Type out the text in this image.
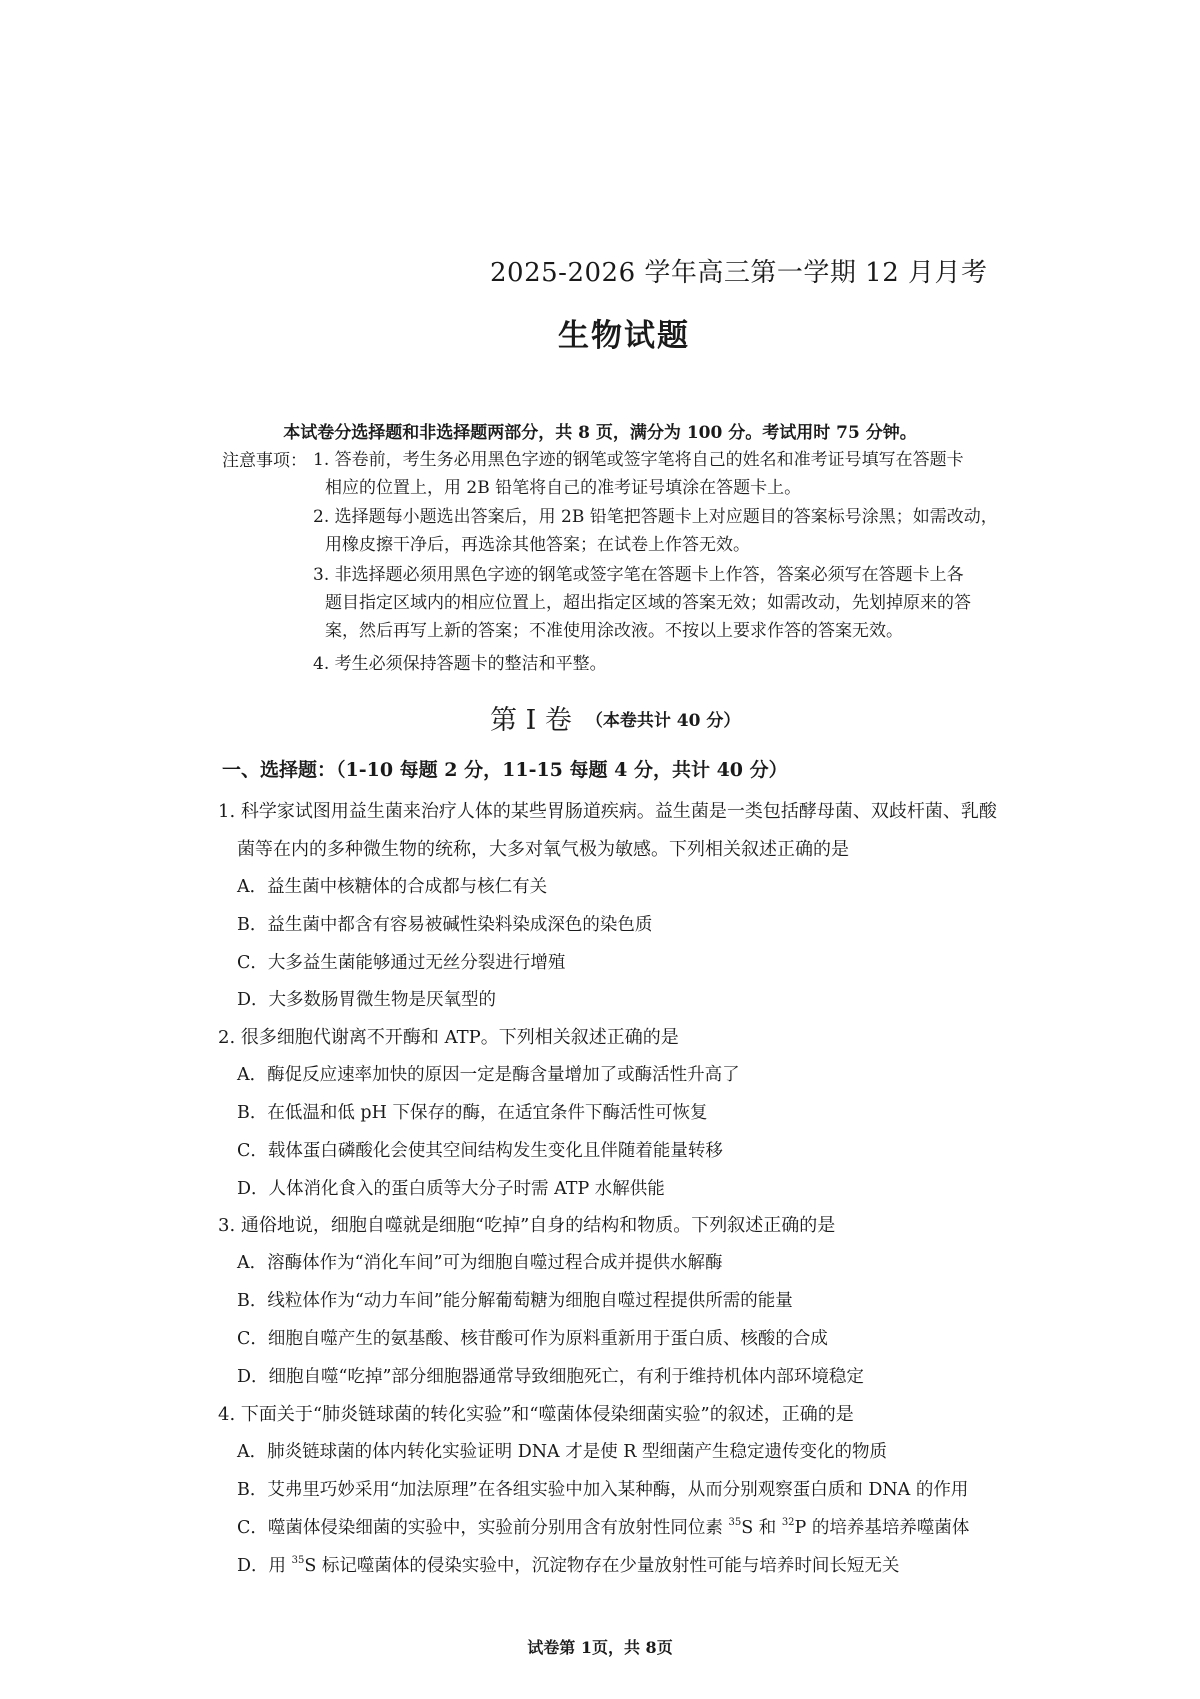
2025-2026 学年高三第一学期 12 月月考
生物试题
本试卷分选择题和非选择题两部分，共 8 页，满分为 100 分。考试用时 75 分钟。
注意事项： 1. 答卷前，考生务必用黑色字迹的钢笔或签字笔将自己的姓名和准考证号填写在答题卡
相应的位置上，用 2B 铅笔将自己的准考证号填涂在答题卡上。
2. 选择题每小题选出答案后，用 2B 铅笔把答题卡上对应题目的答案标号涂黑；如需改动，
用橡皮擦干净后，再选涂其他答案；在试卷上作答无效。
3. 非选择题必须用黑色字迹的钢笔或签字笔在答题卡上作答，答案必须写在答题卡上各
题目指定区域内的相应位置上，超出指定区域的答案无效；如需改动，先划掉原来的答
案，然后再写上新的答案；不准使用涂改液。不按以上要求作答的答案无效。
4. 考生必须保持答题卡的整洁和平整。
第 I 卷 （本卷共计 40 分）
一、选择题：（1-10 每题 2 分，11-15 每题 4 分，共计 40 分）
1. 科学家试图用益生菌来治疗人体的某些胃肠道疾病。益生菌是一类包括酵母菌、双歧杆菌、乳酸
菌等在内的多种微生物的统称，大多对氧气极为敏感。下列相关叙述正确的是
A．益生菌中核糖体的合成都与核仁有关
B．益生菌中都含有容易被碱性染料染成深色的染色质
C．大多益生菌能够通过无丝分裂进行增殖
D．大多数肠胃微生物是厌氧型的
2. 很多细胞代谢离不开酶和 ATP。下列相关叙述正确的是
A．酶促反应速率加快的原因一定是酶含量增加了或酶活性升高了
B．在低温和低 pH 下保存的酶，在适宜条件下酶活性可恢复
C．载体蛋白磷酸化会使其空间结构发生变化且伴随着能量转移
D．人体消化食入的蛋白质等大分子时需 ATP 水解供能
3. 通俗地说，细胞自噬就是细胞“吃掉”自身的结构和物质。下列叙述正确的是
A．溶酶体作为“消化车间”可为细胞自噬过程合成并提供水解酶
B．线粒体作为“动力车间”能分解葡萄糖为细胞自噬过程提供所需的能量
C．细胞自噬产生的氨基酸、核苷酸可作为原料重新用于蛋白质、核酸的合成
D．细胞自噬“吃掉”部分细胞器通常导致细胞死亡，有利于维持机体内部环境稳定
4. 下面关于“肺炎链球菌的转化实验”和“噬菌体侵染细菌实验”的叙述，正确的是
A．肺炎链球菌的体内转化实验证明 DNA 才是使 R 型细菌产生稳定遗传变化的物质
B．艾弗里巧妙采用“加法原理”在各组实验中加入某种酶，从而分别观察蛋白质和 DNA 的作用
C．噬菌体侵染细菌的实验中，实验前分别用含有放射性同位素 $^{35}$S 和 $^{32}$P 的培养基培养噬菌体
D．用 $^{35}$S 标记噬菌体的侵染实验中，沉淀物存在少量放射性可能与培养时间长短无关
试卷第 1页，共 8页
